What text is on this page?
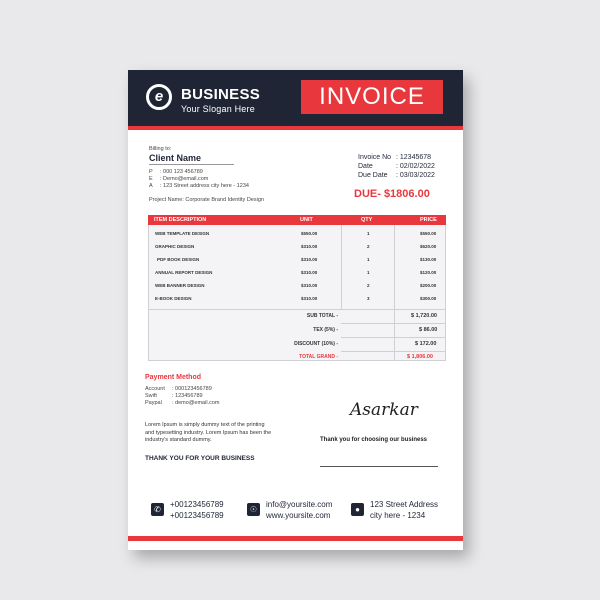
e	BUSINESS
Your Slogan Here	INVOICE
Billing to:
Client Name
P : 000 123 456789
E : Demo@email.com
A : 123 Street address city here - 1234
Project Name: Corporate Brand Identity Design
Invoice No : 12345678
Date	: 02/02/2022
Due Date : 03/03/2022
DUE- $1806.00
ITEM DESCRIPTION	UNIT	QTY	PRICE
WEB TEMPLATE DESIGN	$550.00	1	$550.00
GRAPHIC DESIGN	$310.00	2	$620.00
PDF BOOK DESIGN	$310.00	1	$130.00
ANNUAL REPORT DESIGN	$310.00	1	$120.00
WEB BANNER DESIGN	$310.00	2	$200.00
E-BOOK DESIGN	$310.00	3	$300.00
SUB TOTAL -	$ 1,720.00
TEX (5%) -	$ 86.00
DISCOUNT (10%) -	$ 172.00
TOTAL GRAND -	$ 1,806.00
Payment Method
Account : 000123456789
Swift	: 123456789
Paypal : demo@email.com
Lorem Ipsum is simply dummy text of the printing and typesetting industry. Lorem Ipsum has been the industry's standard dummy.
THANK YOU FOR YOUR BUSINESS
Asarkar
Thank you for choosing our business
✆
+00123456789
+00123456789
☉
info@yoursite.com
www.yoursite.com
●
123 Street Address
city here - 1234
